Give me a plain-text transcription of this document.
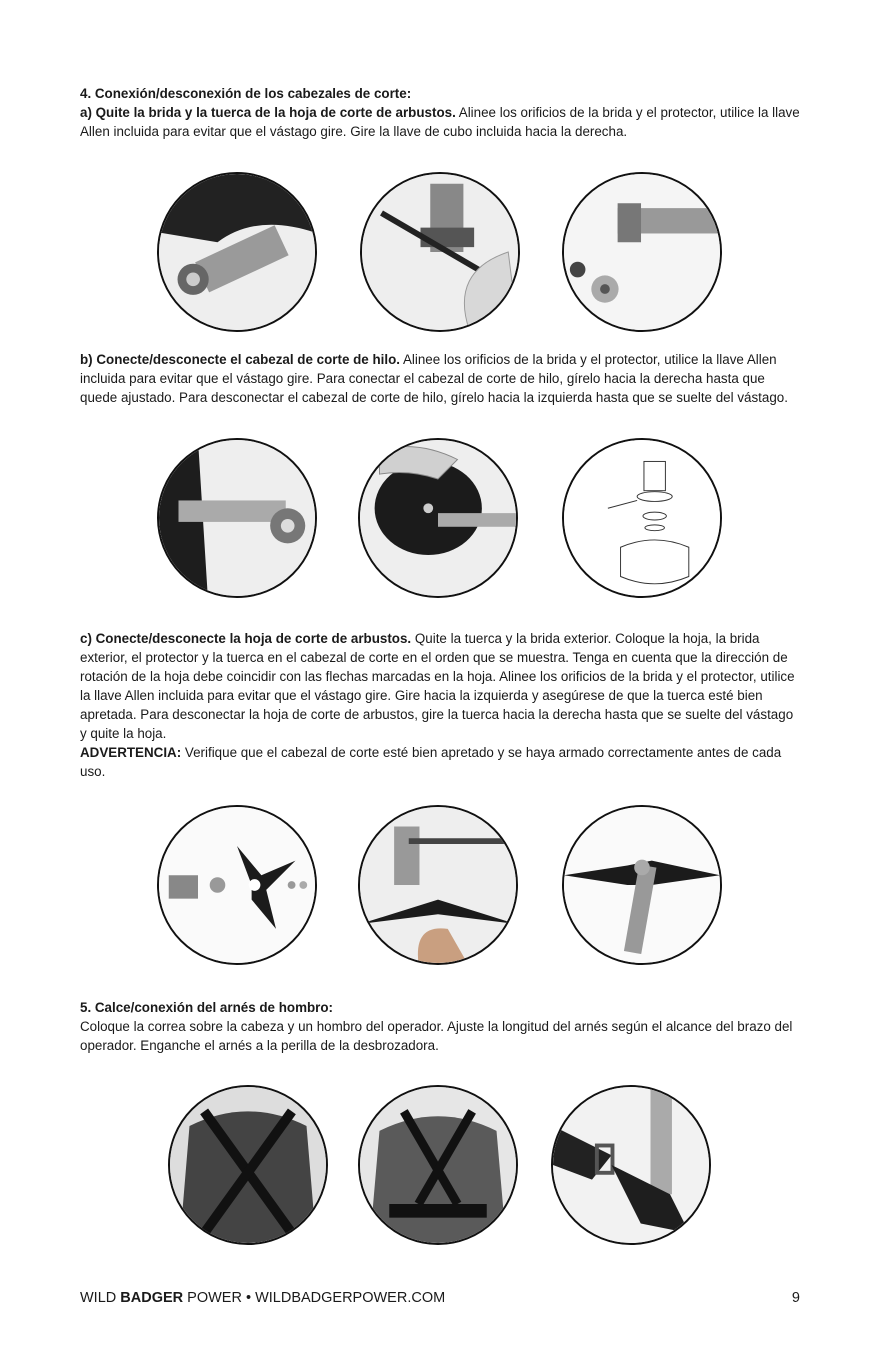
4. Conexión/desconexión de los cabezales de corte:
a) Quite la brida y la tuerca de la hoja de corte de arbustos. Alinee los orificios de la brida y el protector, utilice la llave Allen incluida para evitar que el vástago gire. Gire la llave de cubo incluida hacia la derecha.
b) Conecte/desconecte el cabezal de corte de hilo. Alinee los orificios de la brida y el protector, utilice la llave Allen incluida para evitar que el vástago gire. Para conectar el cabezal de corte de hilo, gírelo hacia la derecha hasta que quede ajustado. Para desconectar el cabezal de corte de hilo, gírelo hacia la izquierda hasta que se suelte del vástago.
c) Conecte/desconecte la hoja de corte de arbustos. Quite la tuerca y la brida exterior. Coloque la hoja, la brida exterior, el protector y la tuerca en el cabezal de corte en el orden que se muestra. Tenga en cuenta que la dirección de rotación de la hoja debe coincidir con las flechas marcadas en la hoja. Alinee los orificios de la brida y el protector, utilice la llave Allen incluida para evitar que el vástago gire. Gire hacia la izquierda y asegúrese de que la tuerca esté bien apretada. Para desconectar la hoja de corte de arbustos, gire la tuerca hacia la derecha hasta que se suelte del vástago y quite la hoja.
ADVERTENCIA: Verifique que el cabezal de corte esté bien apretado y se haya armado correctamente antes de cada uso.
5. Calce/conexión del arnés de hombro:
Coloque la correa sobre la cabeza y un hombro del operador. Ajuste la longitud del arnés según el alcance del brazo del operador. Enganche el arnés a la perilla de la desbrozadora.
WILD BADGER POWER • WILDBADGERPOWER.COM	9
